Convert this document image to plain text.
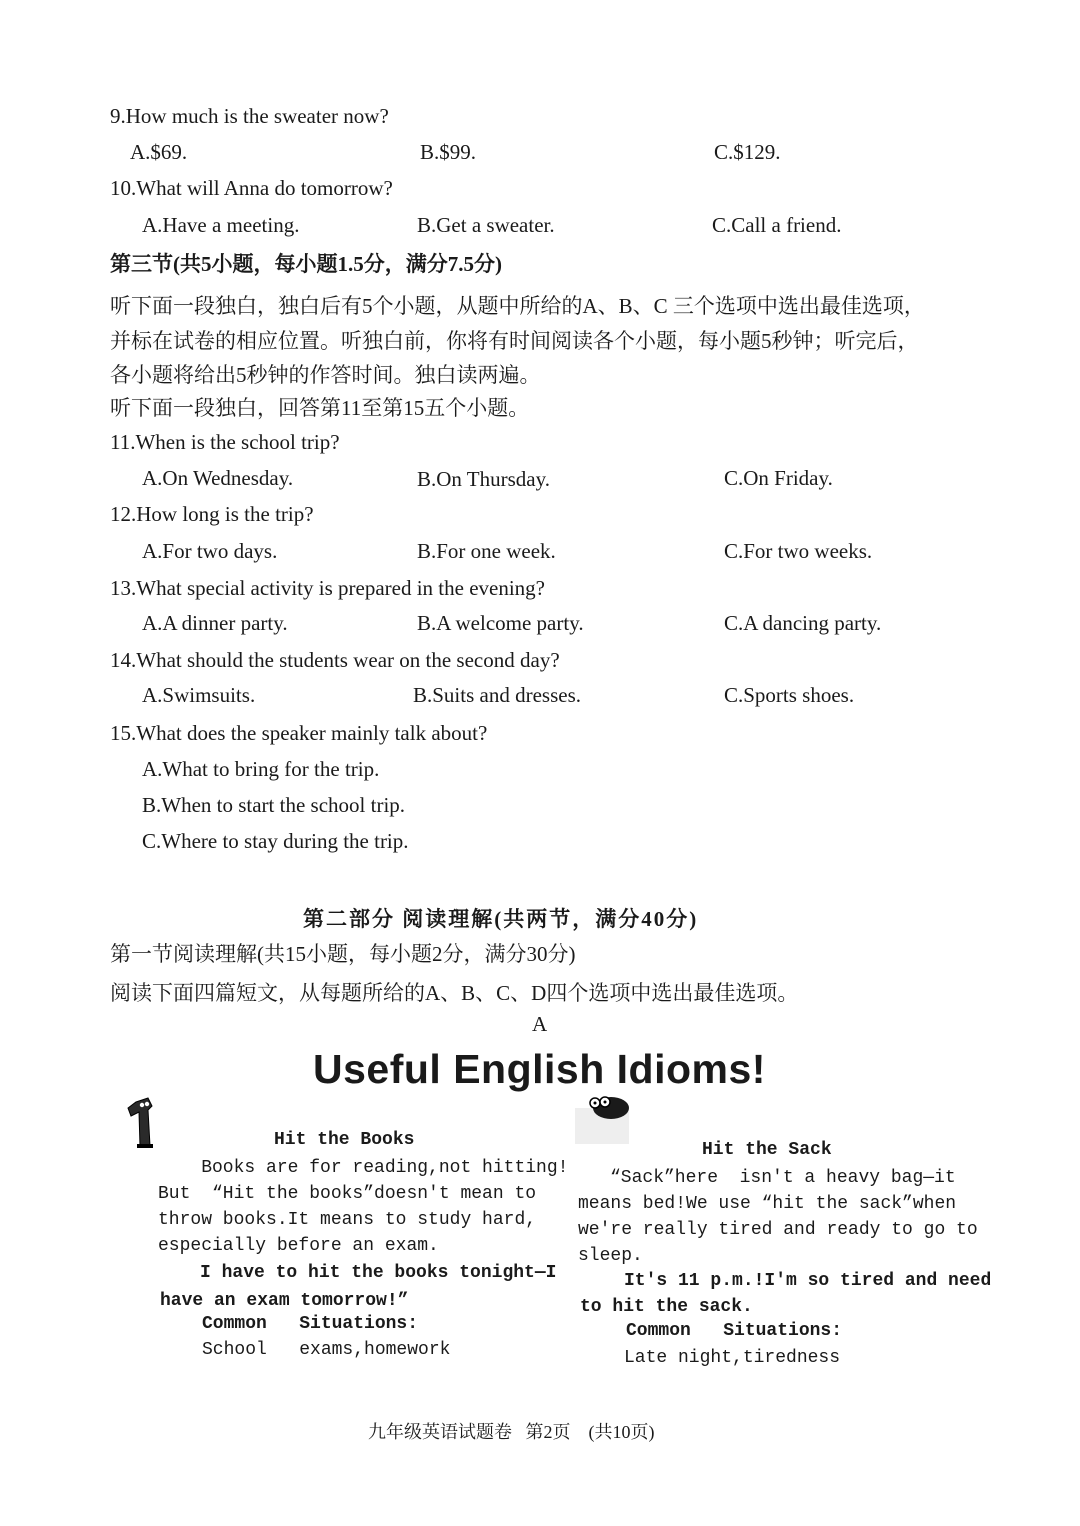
9.How much is the sweater now?
A.$69.	B.$99.	C.$129.
10.What will Anna do tomorrow?
A.Have a meeting.	B.Get a sweater.	C.Call a friend.
第三节(共5小题，每小题1.5分，满分7.5分)
听下面一段独白，独白后有5个小题，从题中所给的A、B、C 三个选项中选出最佳选项，
并标在试卷的相应位置。听独白前，你将有时间阅读各个小题，每小题5秒钟；听完后，
各小题将给出5秒钟的作答时间。独白读两遍。
听下面一段独白，回答第11至第15五个小题。
11.When is the school trip?
A.On Wednesday.	B.On Thursday.	C.On Friday.
12.How long is the trip?
A.For two days.	B.For one week.	C.For two weeks.
13.What special activity is prepared in the evening?
A.A dinner party.	B.A welcome party.	C.A dancing party.
14.What should the students wear on the second day?
A.Swimsuits.	B.Suits and dresses.	C.Sports shoes.
15.What does the speaker mainly talk about?
A.What to bring for the trip.
B.When to start the school trip.
C.Where to stay during the trip.
第二部分 阅读理解(共两节，满分40分)
第一节阅读理解(共15小题，每小题2分，满分30分)
阅读下面四篇短文，从每题所给的A、B、C、D四个选项中选出最佳选项。
A
Useful English Idioms!
Hit the Books
Books are for reading,not hitting!
But  “Hit the books”doesn't mean to
throw books.It means to study hard,
especially before an exam.
I have to hit the books tonight—I
have an exam tomorrow!”
Common   Situations:
School   exams,homework
Hit the Sack
“Sack”here  isn't a heavy bag—it
means bed!We use “hit the sack”when
we're really tired and ready to go to
sleep.
It's 11 p.m.!I'm so tired and need
to hit the sack.
Common   Situations:
Late night,tiredness
九年级英语试题卷   第2页    (共10页)
